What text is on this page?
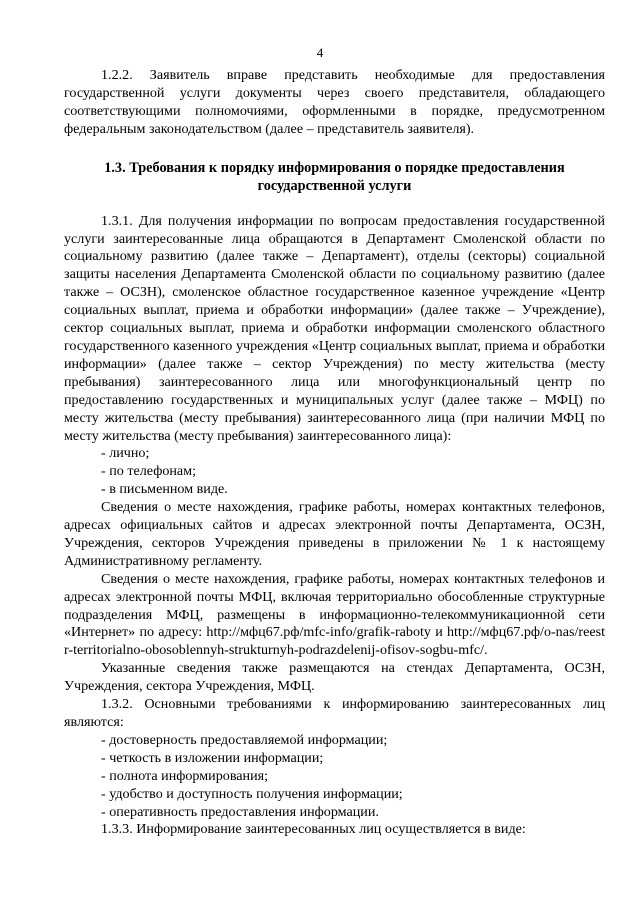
4

1.2.2. Заявитель вправе представить необходимые для предоставления государственной услуги документы через своего представителя, обладающего соответствующими полномочиями, оформленными в порядке, предусмотренном федеральным законодательством (далее – представитель заявителя).

1.3. Требования к порядку информирования о порядке предоставления государственной услуги

1.3.1. Для получения информации по вопросам предоставления государственной услуги заинтересованные лица обращаются в Департамент Смоленской области по социальному развитию (далее также – Департамент), отделы (секторы) социальной защиты населения Департамента Смоленской области по социальному развитию (далее также – ОСЗН), смоленское областное государственное казенное учреждение «Центр социальных выплат, приема и обработки информации» (далее также – Учреждение), сектор социальных выплат, приема и обработки информации смоленского областного государственного казенного учреждения «Центр социальных выплат, приема и обработки информации» (далее также – сектор Учреждения) по месту жительства (месту пребывания) заинтересованного лица или многофункциональный центр по предоставлению государственных и муниципальных услуг (далее также – МФЦ) по месту жительства (месту пребывания) заинтересованного лица (при наличии МФЦ по месту жительства (месту пребывания) заинтересованного лица):

- лично;

- по телефонам;

- в письменном виде.

Сведения о месте нахождения, графике работы, номерах контактных телефонов, адресах официальных сайтов и адресах электронной почты Департамента, ОСЗН, Учреждения, секторов Учреждения приведены в приложении № 1 к настоящему Административному регламенту.

Сведения о месте нахождения, графике работы, номерах контактных телефонов и адресах электронной почты МФЦ, включая территориально обособленные структурные подразделения МФЦ, размещены в информационно-телекоммуникационной сети «Интернет» по адресу: http://мфц67.рф/mfc-info/grafik-raboty и http://мфц67.рф/o-nas/reestr-territorialno-obosoblennyh-strukturnyh-podrazdelenij-ofisov-sogbu-mfc/.

Указанные сведения также размещаются на стендах Департамента, ОСЗН, Учреждения, сектора Учреждения, МФЦ.

1.3.2. Основными требованиями к информированию заинтересованных лиц являются:

- достоверность предоставляемой информации;

- четкость в изложении информации;

- полнота информирования;

- удобство и доступность получения информации;

- оперативность предоставления информации.

1.3.3. Информирование заинтересованных лиц осуществляется в виде:
